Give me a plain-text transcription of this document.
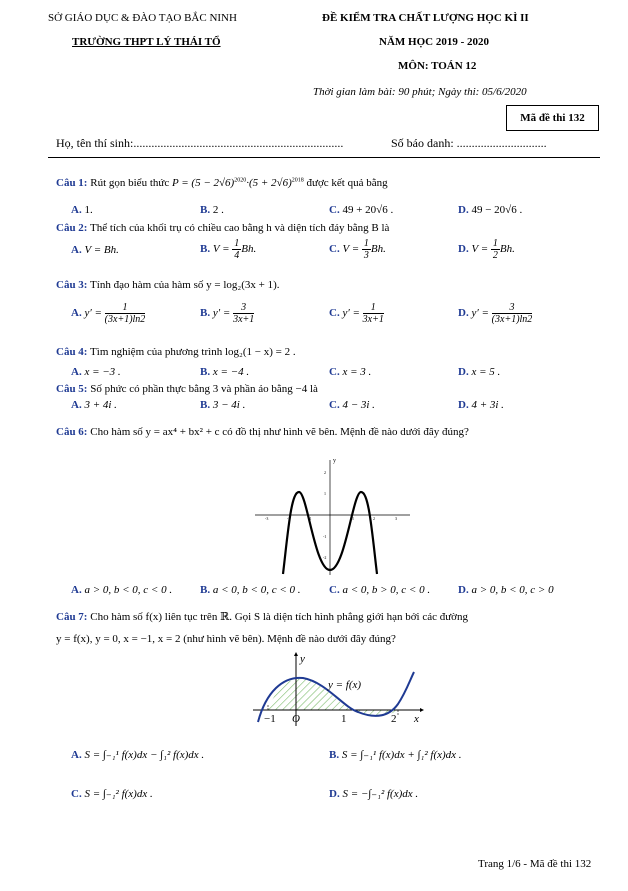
SỞ GIÁO DỤC & ĐÀO TẠO BẮC NINH
TRƯỜNG THPT LÝ THÁI TỔ
ĐỀ KIỂM TRA CHẤT LƯỢNG HỌC KÌ II
NĂM HỌC 2019 - 2020
MÔN: TOÁN 12
Thời gian làm bài: 90 phút; Ngày thi: 05/6/2020
Mã đề thi 132
Họ, tên thí sinh:......................................................................	Số báo danh: ..............................
Câu 1: Rút gọn biểu thức $P = (5 - 2√6)^{2020}\cdot(5 + 2√6)^{2018}$ được kết quả bằng
A. 1.	B. 2 .	C. 49 + 20√6 .	D. 49 − 20√6 .
Câu 2: Thể tích của khối trụ có chiều cao bằng h và diện tích đáy bằng B là
A. V = Bh.	B. $V = \frac{1}{4} Bh$.	C. $V = \frac{1}{3} Bh$.	D. $V = \frac{1}{2} Bh$.
Câu 3: Tính đạo hàm của hàm số y = log₂(3x + 1).
A. $y' = \frac{1}{(3x+1)\ln 2}$	B. $y' = \frac{3}{3x+1}$	C. $y' = \frac{1}{3x+1}$	D. $y' = \frac{3}{(3x+1)\ln 2}$
Câu 4: Tìm nghiệm của phương trình log₂(1 − x) = 2 .
A. x = −3 .	B. x = −4 .	C. x = 3 .	D. x = 5 .
Câu 5: Số phức có phần thực bằng 3 và phần ảo bằng −4 là
A. 3 + 4i .	B. 3 − 4i .	C. 4 − 3i .	D. 4 + 3i .
Câu 6: Cho hàm số y = ax⁴ + bx² + c có đồ thị như hình vẽ bên. Mệnh đề nào dưới đây đúng?
y
-3	-2	-1	1	2	3
2
1
-1
-2
A. a > 0, b < 0, c < 0 .	B. a < 0, b < 0, c < 0 .	C. a < 0, b > 0, c < 0 .	D. a > 0, b < 0, c > 0
Câu 7: Cho hàm số f(x) liên tục trên ℝ. Gọi S là diện tích hình phẳng giới hạn bởi các đường
y = f(x), y = 0, x = −1, x = 2 (như hình vẽ bên). Mệnh đề nào dưới đây đúng?
y
x
y = f(x)
−1 O	1	2
A. S = ∫₋₁¹ f(x)dx − ∫₁² f(x)dx .	B. S = ∫₋₁¹ f(x)dx + ∫₁² f(x)dx .
C. S = ∫₋₁² f(x)dx .	D. S = −∫₋₁² f(x)dx .
Trang 1/6 - Mã đề thi 132
